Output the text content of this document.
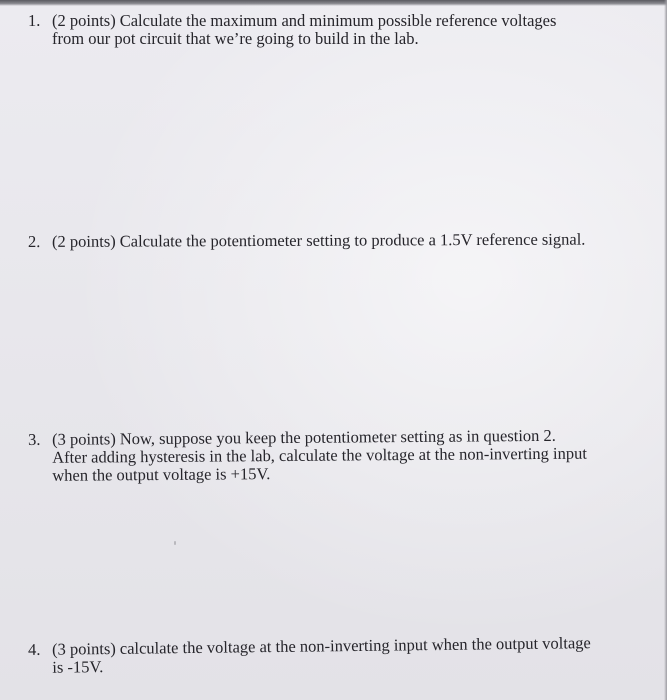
1. (2 points) Calculate the maximum and minimum possible reference voltages
from our pot circuit that we’re going to build in the lab.
2. (2 points) Calculate the potentiometer setting to produce a 1.5V reference signal.
3. (3 points) Now, suppose you keep the potentiometer setting as in question 2.
After adding hysteresis in the lab, calculate the voltage at the non-inverting input
when the output voltage is +15V.
4. (3 points) calculate the voltage at the non-inverting input when the output voltage
is -15V.
